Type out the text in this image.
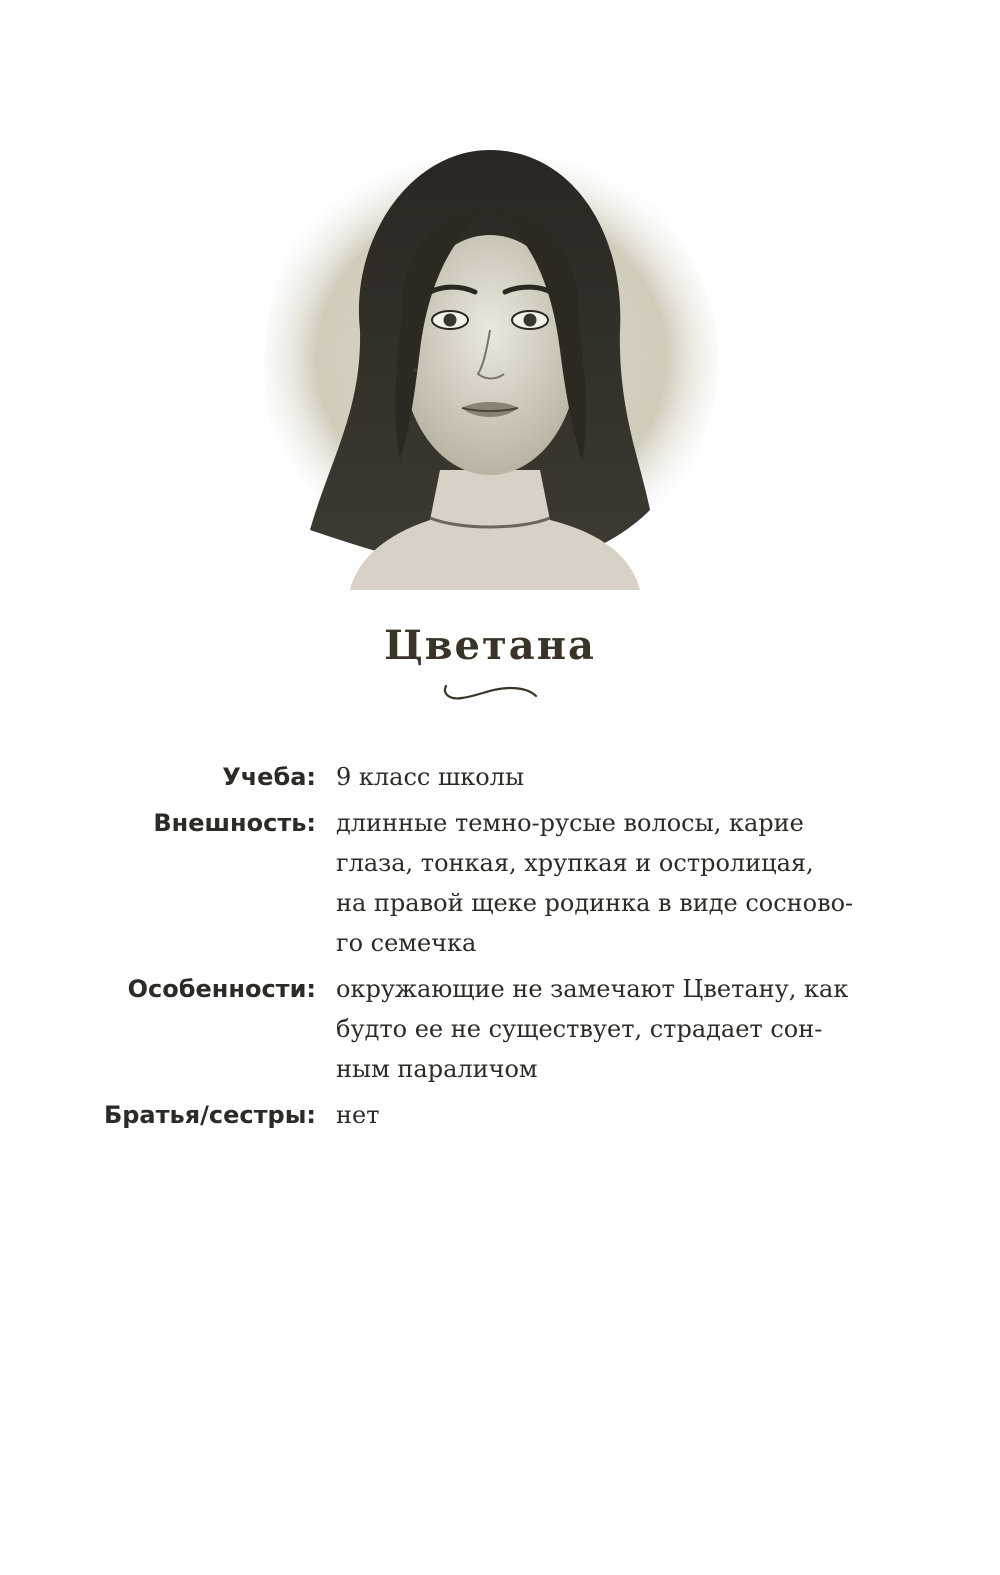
Цветана
Учеба: 9 класс школы
Внешность: длинные темно-русые волосы, карие
глаза, тонкая, хрупкая и остролицая,
на правой щеке родинка в виде сосново-
го семечка
Особенности: окружающие не замечают Цветану, как
будто ее не существует, страдает сон-
ным параличом
Братья/сестры: нет
